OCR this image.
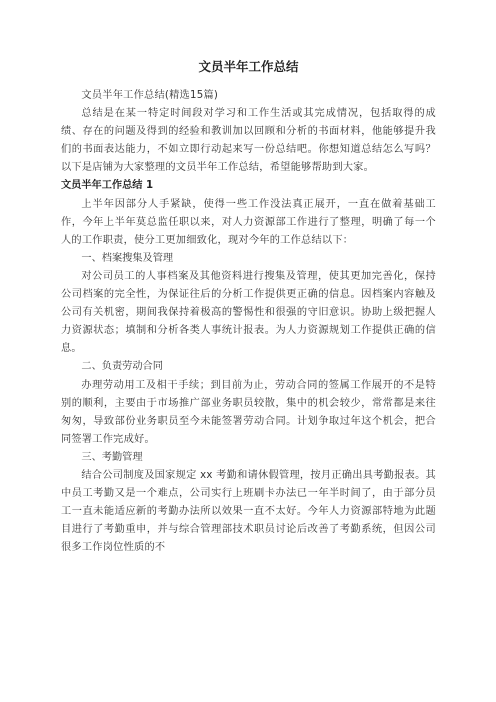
文员半年工作总结

文员半年工作总结(精选15篇)

总结是在某一特定时间段对学习和工作生活或其完成情况，包括取得的成绩、存在的问题及得到的经验和教训加以回顾和分析的书面材料，他能够提升我们的书面表达能力，不如立即行动起来写一份总结吧。你想知道总结怎么写吗？以下是店铺为大家整理的文员半年工作总结，希望能够帮助到大家。

文员半年工作总结 1

上半年因部分人手紧缺，使得一些工作没法真正展开，一直在做着基础工作，今年上半年莫总监任职以来，对人力资源部工作进行了整理，明确了每一个人的工作职责，使分工更加细致化，现对今年的工作总结以下：

一、档案搜集及管理

对公司员工的人事档案及其他资料进行搜集及管理，使其更加完善化，保持公司档案的完全性，为保证往后的分析工作提供更正确的信息。因档案内容触及公司有关机密，期间我保持着极高的警惕性和很强的守旧意识。协助上级把握人力资源状态；填制和分析各类人事统计报表。为人力资源规划工作提供正确的信息。

二、负责劳动合同

办理劳动用工及相干手续；到目前为止，劳动合同的签属工作展开的不是特别的顺利，主要由于市场推广部业务职员较散，集中的机会较少，常常都是来往匆匆，导致部份业务职员至今未能签署劳动合同。计划争取过年这个机会，把合同签署工作完成好。

三、考勤管理

结合公司制度及国家规定 xx 考勤和请休假管理，按月正确出具考勤报表。其中员工考勤又是一个难点，公司实行上班刷卡办法已一年半时间了，由于部分员工一直未能适应新的考勤办法所以效果一直不太好。今年人力资源部特地为此题目进行了考勤重申，并与综合管理部技术职员讨论后改善了考勤系统，但因公司很多工作岗位性质的不
